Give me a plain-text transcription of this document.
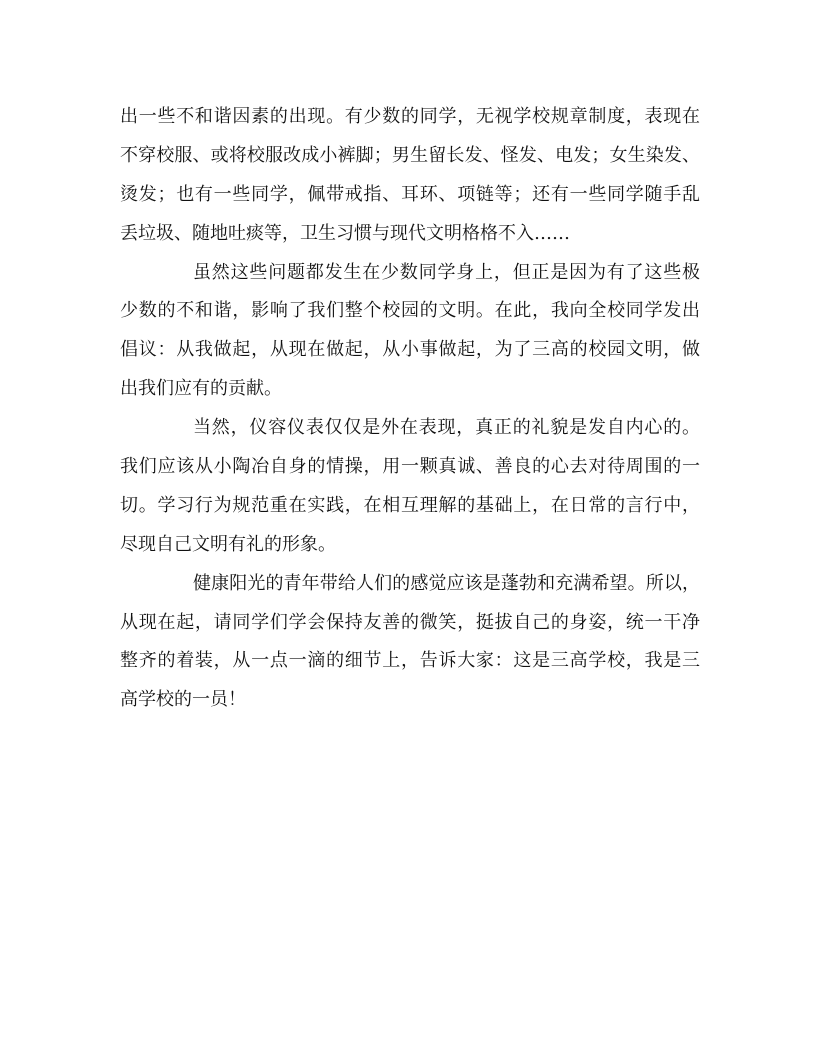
出一些不和谐因素的出现。有少数的同学，无视学校规章制度，表现在
不穿校服、或将校服改成小裤脚；男生留长发、怪发、电发；女生染发、
烫发；也有一些同学，佩带戒指、耳环、项链等；还有一些同学随手乱
丢垃圾、随地吐痰等，卫生习惯与现代文明格格不入……
虽然这些问题都发生在少数同学身上，但正是因为有了这些极
少数的不和谐，影响了我们整个校园的文明。在此，我向全校同学发出
倡议：从我做起，从现在做起，从小事做起，为了三高的校园文明，做
出我们应有的贡献。
当然，仪容仪表仅仅是外在表现，真正的礼貌是发自内心的。
我们应该从小陶冶自身的情操，用一颗真诚、善良的心去对待周围的一
切。学习行为规范重在实践，在相互理解的基础上，在日常的言行中，
尽现自己文明有礼的形象。
健康阳光的青年带给人们的感觉应该是蓬勃和充满希望。所以，
从现在起，请同学们学会保持友善的微笑，挺拔自己的身姿，统一干净
整齐的着装，从一点一滴的细节上，告诉大家：这是三高学校，我是三
高学校的一员！
